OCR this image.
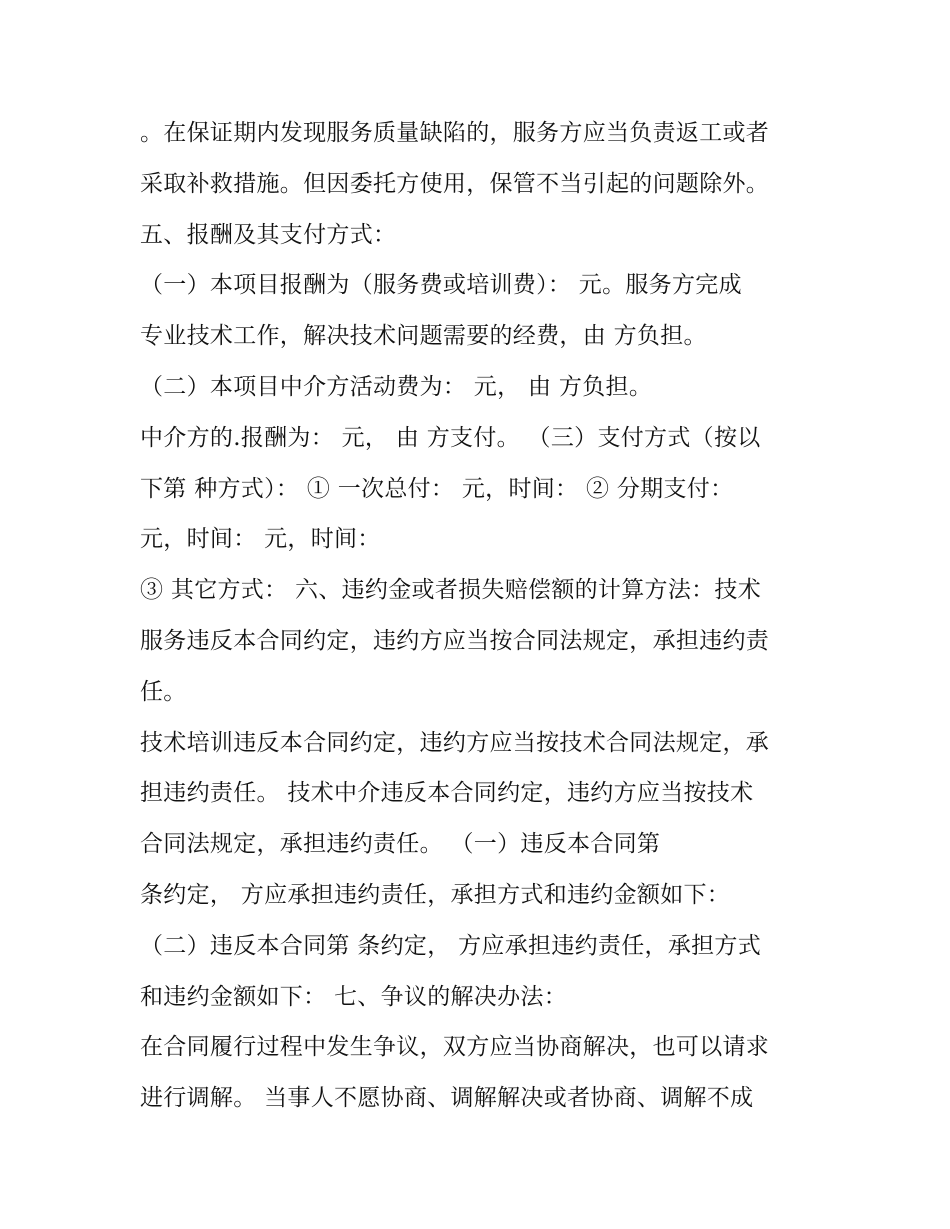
。在保证期内发现服务质量缺陷的，服务方应当负责返工或者
采取补救措施。但因委托方使用，保管不当引起的问题除外。
五、报酬及其支付方式：
（一）本项目报酬为（服务费或培训费）： 元。服务方完成
专业技术工作，解决技术问题需要的经费，由 方负担。
（二）本项目中介方活动费为： 元， 由 方负担。
中介方的.报酬为： 元， 由 方支付。 （三）支付方式（按以
下第 种方式）： ① 一次总付： 元，时间： ② 分期支付：
元，时间： 元，时间：
③ 其它方式： 六、违约金或者损失赔偿额的计算方法：技术
服务违反本合同约定，违约方应当按合同法规定，承担违约责
任。
技术培训违反本合同约定，违约方应当按技术合同法规定，承
担违约责任。 技术中介违反本合同约定，违约方应当按技术
合同法规定，承担违约责任。 （一）违反本合同第
条约定， 方应承担违约责任，承担方式和违约金额如下：
（二）违反本合同第 条约定， 方应承担违约责任，承担方式
和违约金额如下： 七、争议的解决办法：
在合同履行过程中发生争议，双方应当协商解决，也可以请求
进行调解。 当事人不愿协商、调解解决或者协商、调解不成
